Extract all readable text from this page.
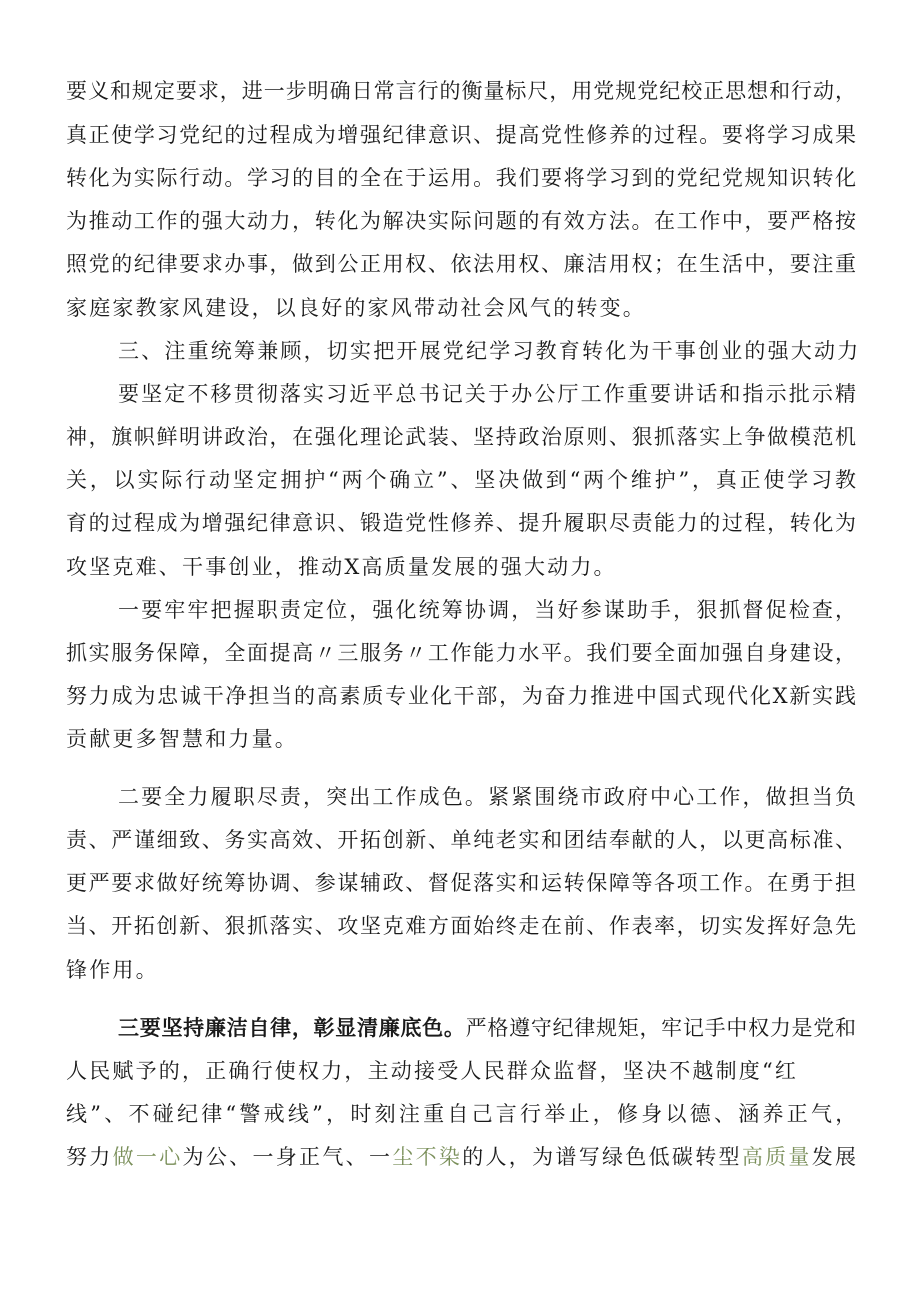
要义和规定要求，进一步明确日常言行的衡量标尺，用党规党纪校正思想和行动，
真正使学习党纪的过程成为增强纪律意识、提高党性修养的过程。要将学习成果
转化为实际行动。学习的目的全在于运用。我们要将学习到的党纪党规知识转化
为推动工作的强大动力，转化为解决实际问题的有效方法。在工作中，要严格按
照党的纪律要求办事，做到公正用权、依法用权、廉洁用权；在生活中，要注重
家庭家教家风建设，以良好的家风带动社会风气的转变。
三、注重统筹兼顾，切实把开展党纪学习教育转化为干事创业的强大动力
要坚定不移贯彻落实习近平总书记关于办公厅工作重要讲话和指示批示精
神，旗帜鲜明讲政治，在强化理论武装、坚持政治原则、狠抓落实上争做模范机
关，以实际行动坚定拥护“两个确立”、坚决做到“两个维护”，真正使学习教
育的过程成为增强纪律意识、锻造党性修养、提升履职尽责能力的过程，转化为
攻坚克难、干事创业，推动X高质量发展的强大动力。
一要牢牢把握职责定位，强化统筹协调，当好参谋助手，狠抓督促检查，
抓实服务保障，全面提高〃三服务〃工作能力水平。我们要全面加强自身建设，
努力成为忠诚干净担当的高素质专业化干部，为奋力推进中国式现代化X新实践
贡献更多智慧和力量。
二要全力履职尽责，突出工作成色。紧紧围绕市政府中心工作，做担当负
责、严谨细致、务实高效、开拓创新、单纯老实和团结奉献的人，以更高标准、
更严要求做好统筹协调、参谋辅政、督促落实和运转保障等各项工作。在勇于担
当、开拓创新、狠抓落实、攻坚克难方面始终走在前、作表率，切实发挥好急先
锋作用。
三要坚持廉洁自律，彰显清廉底色。严格遵守纪律规矩，牢记手中权力是党和
人民赋予的，正确行使权力，主动接受人民群众监督，坚决不越制度“红
线”、不碰纪律“警戒线”，时刻注重自己言行举止，修身以德、涵养正气，
努力做一心为公、一身正气、一尘不染的人，为谱写绿色低碳转型高质量发展
